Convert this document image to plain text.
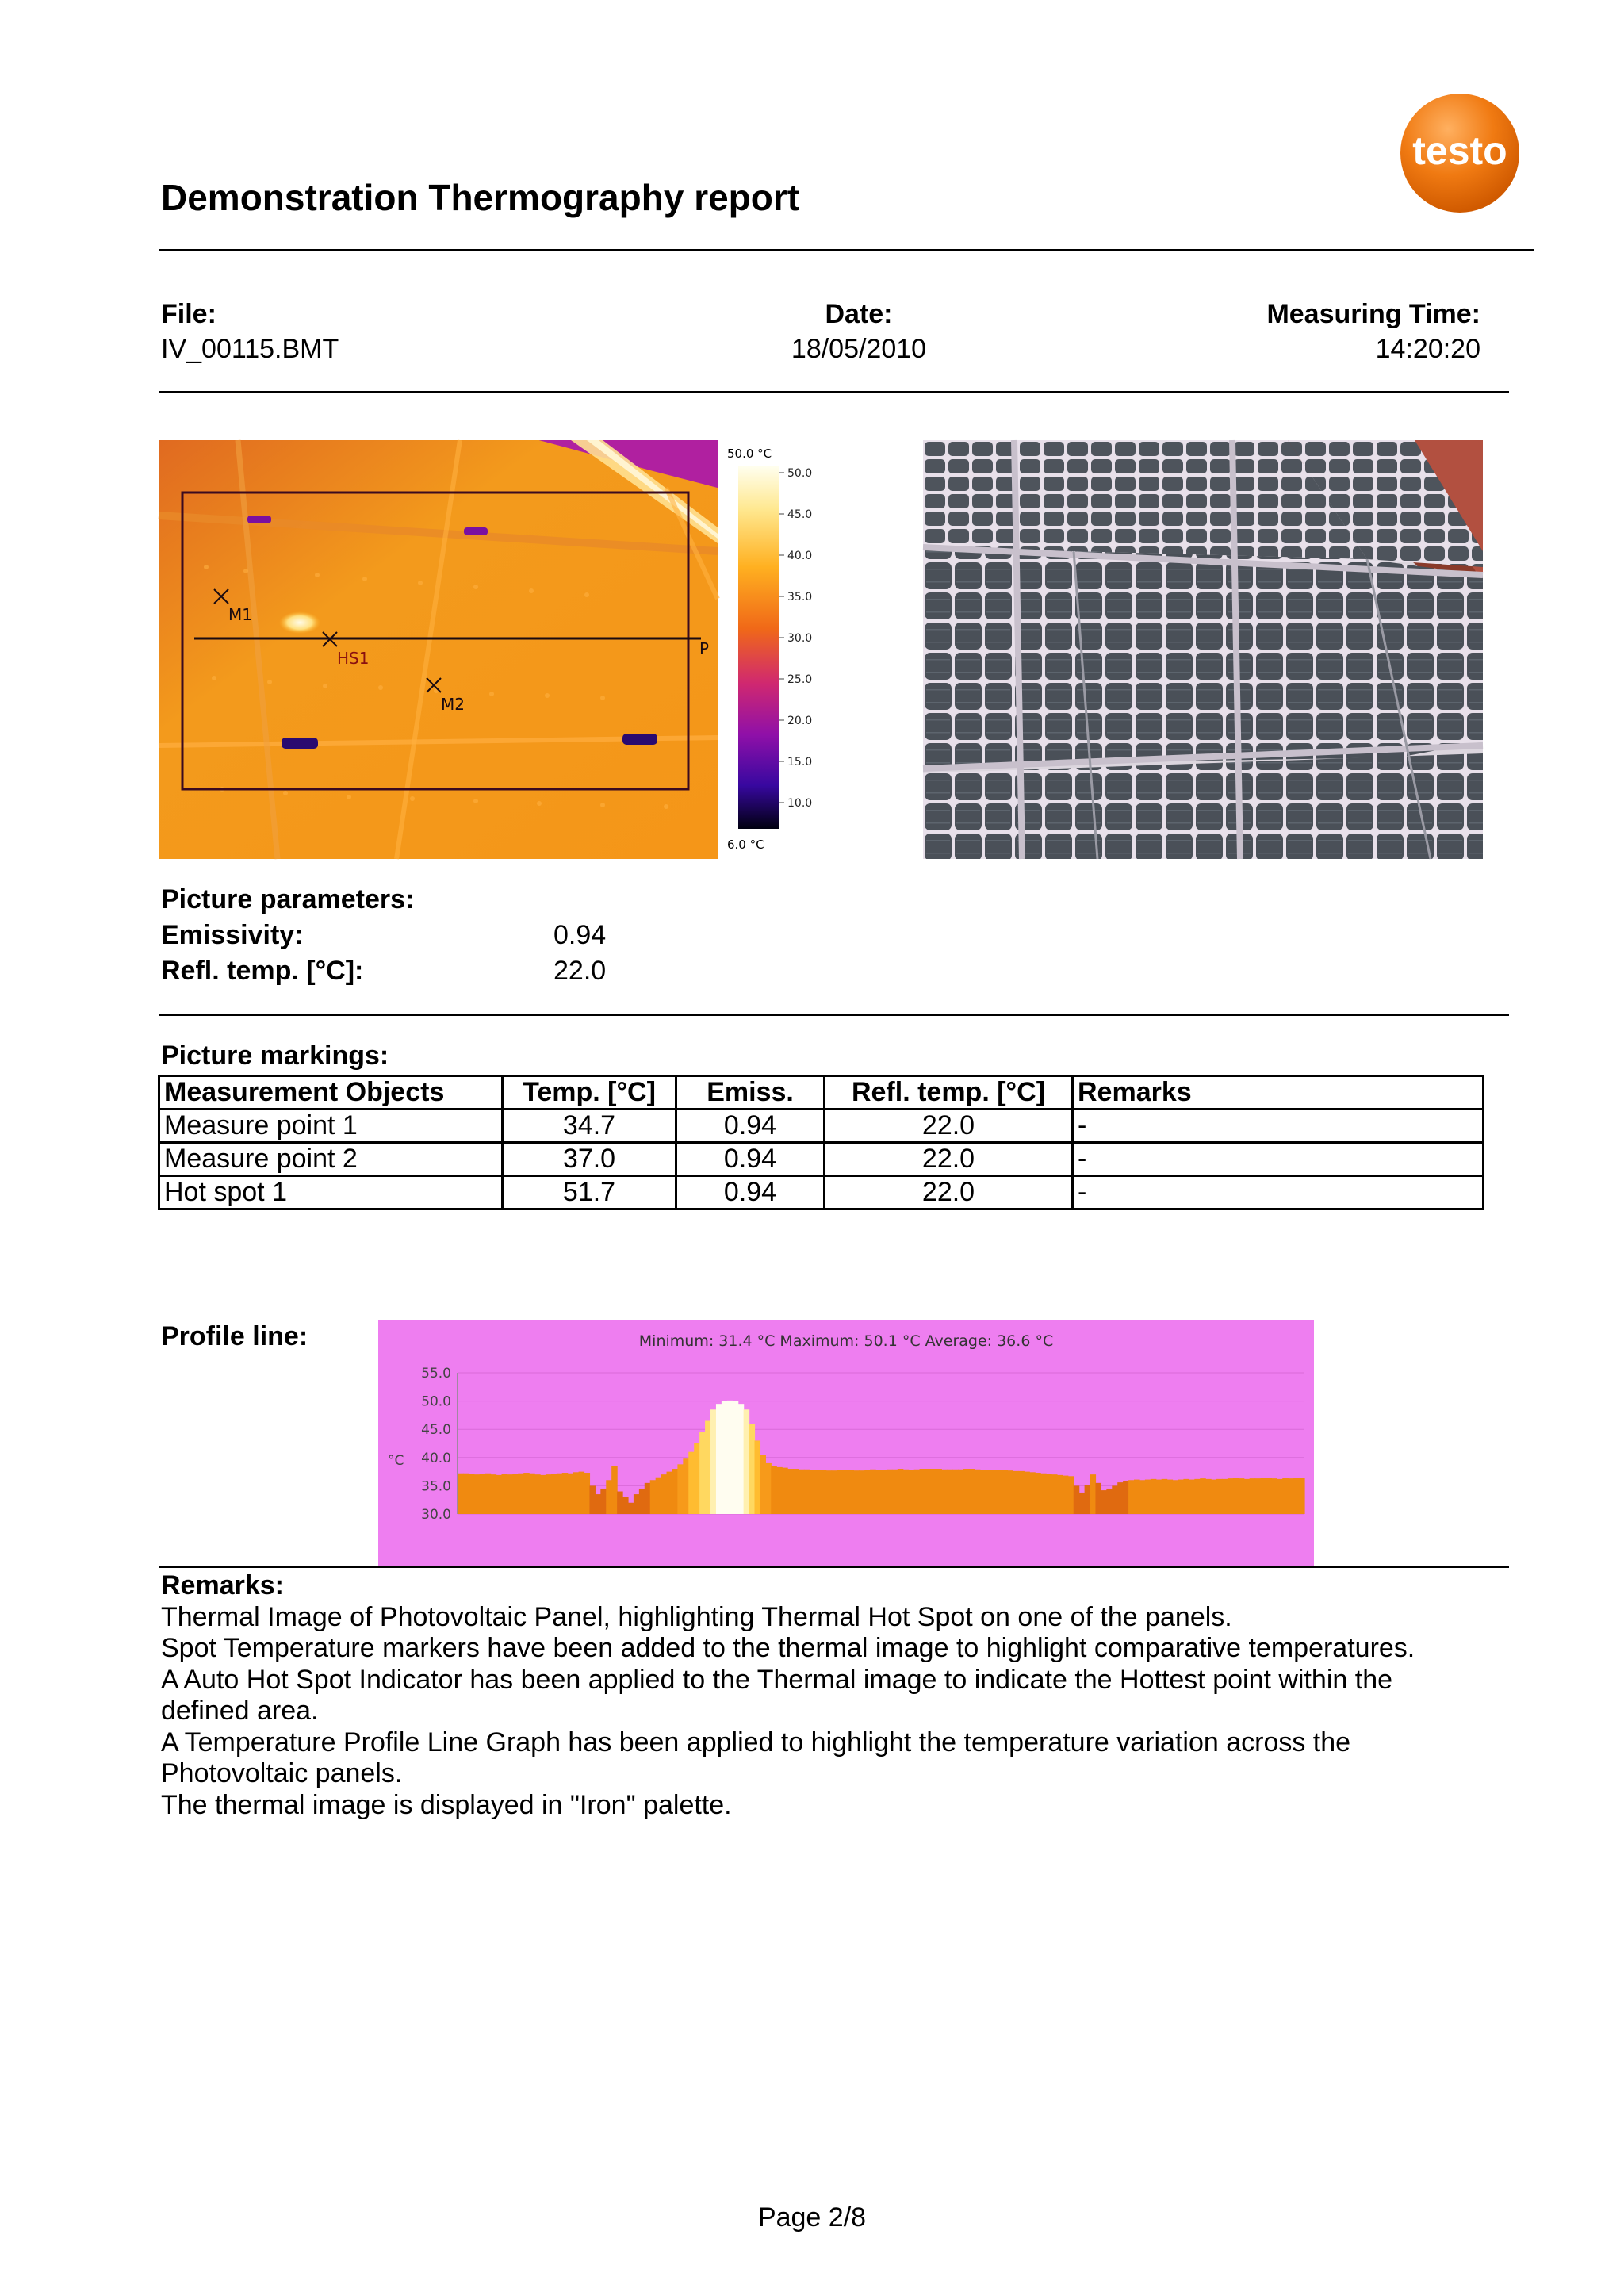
Demonstration Thermography report
testo
File:
IV_00115.BMT
Date:
18/05/2010
Measuring Time:
14:20:20
M1
HS1
M2
P
50.0 °C
6.0 °C
50.0
45.0
40.0
35.0
30.0
25.0
20.0
15.0
10.0
Picture parameters:
Emissivity:	0.94
Refl. temp. [°C]:	22.0
Picture markings:
Measurement Objects	Temp. [°C]	Emiss.	Refl. temp. [°C]	Remarks
Measure point 1	34.7	0.94	22.0	-
Measure point 2	37.0	0.94	22.0	-
Hot spot 1	51.7	0.94	22.0	-
Profile line:	Minimum: 31.4 °C Maximum: 50.1 °C Average: 36.6 °C
°C
55.0
50.0
45.0
40.0
35.0
30.0
Remarks:
Thermal Image of Photovoltaic Panel, highlighting Thermal Hot Spot on one of the panels.
Spot Temperature markers have been added to the thermal image to highlight comparative temperatures.
A Auto Hot Spot Indicator has been applied to the Thermal image to indicate the Hottest point within the
defined area.
A Temperature Profile Line Graph has been applied to highlight the temperature variation across the
Photovoltaic panels.
The thermal image is displayed in "Iron" palette.
Page 2/8
